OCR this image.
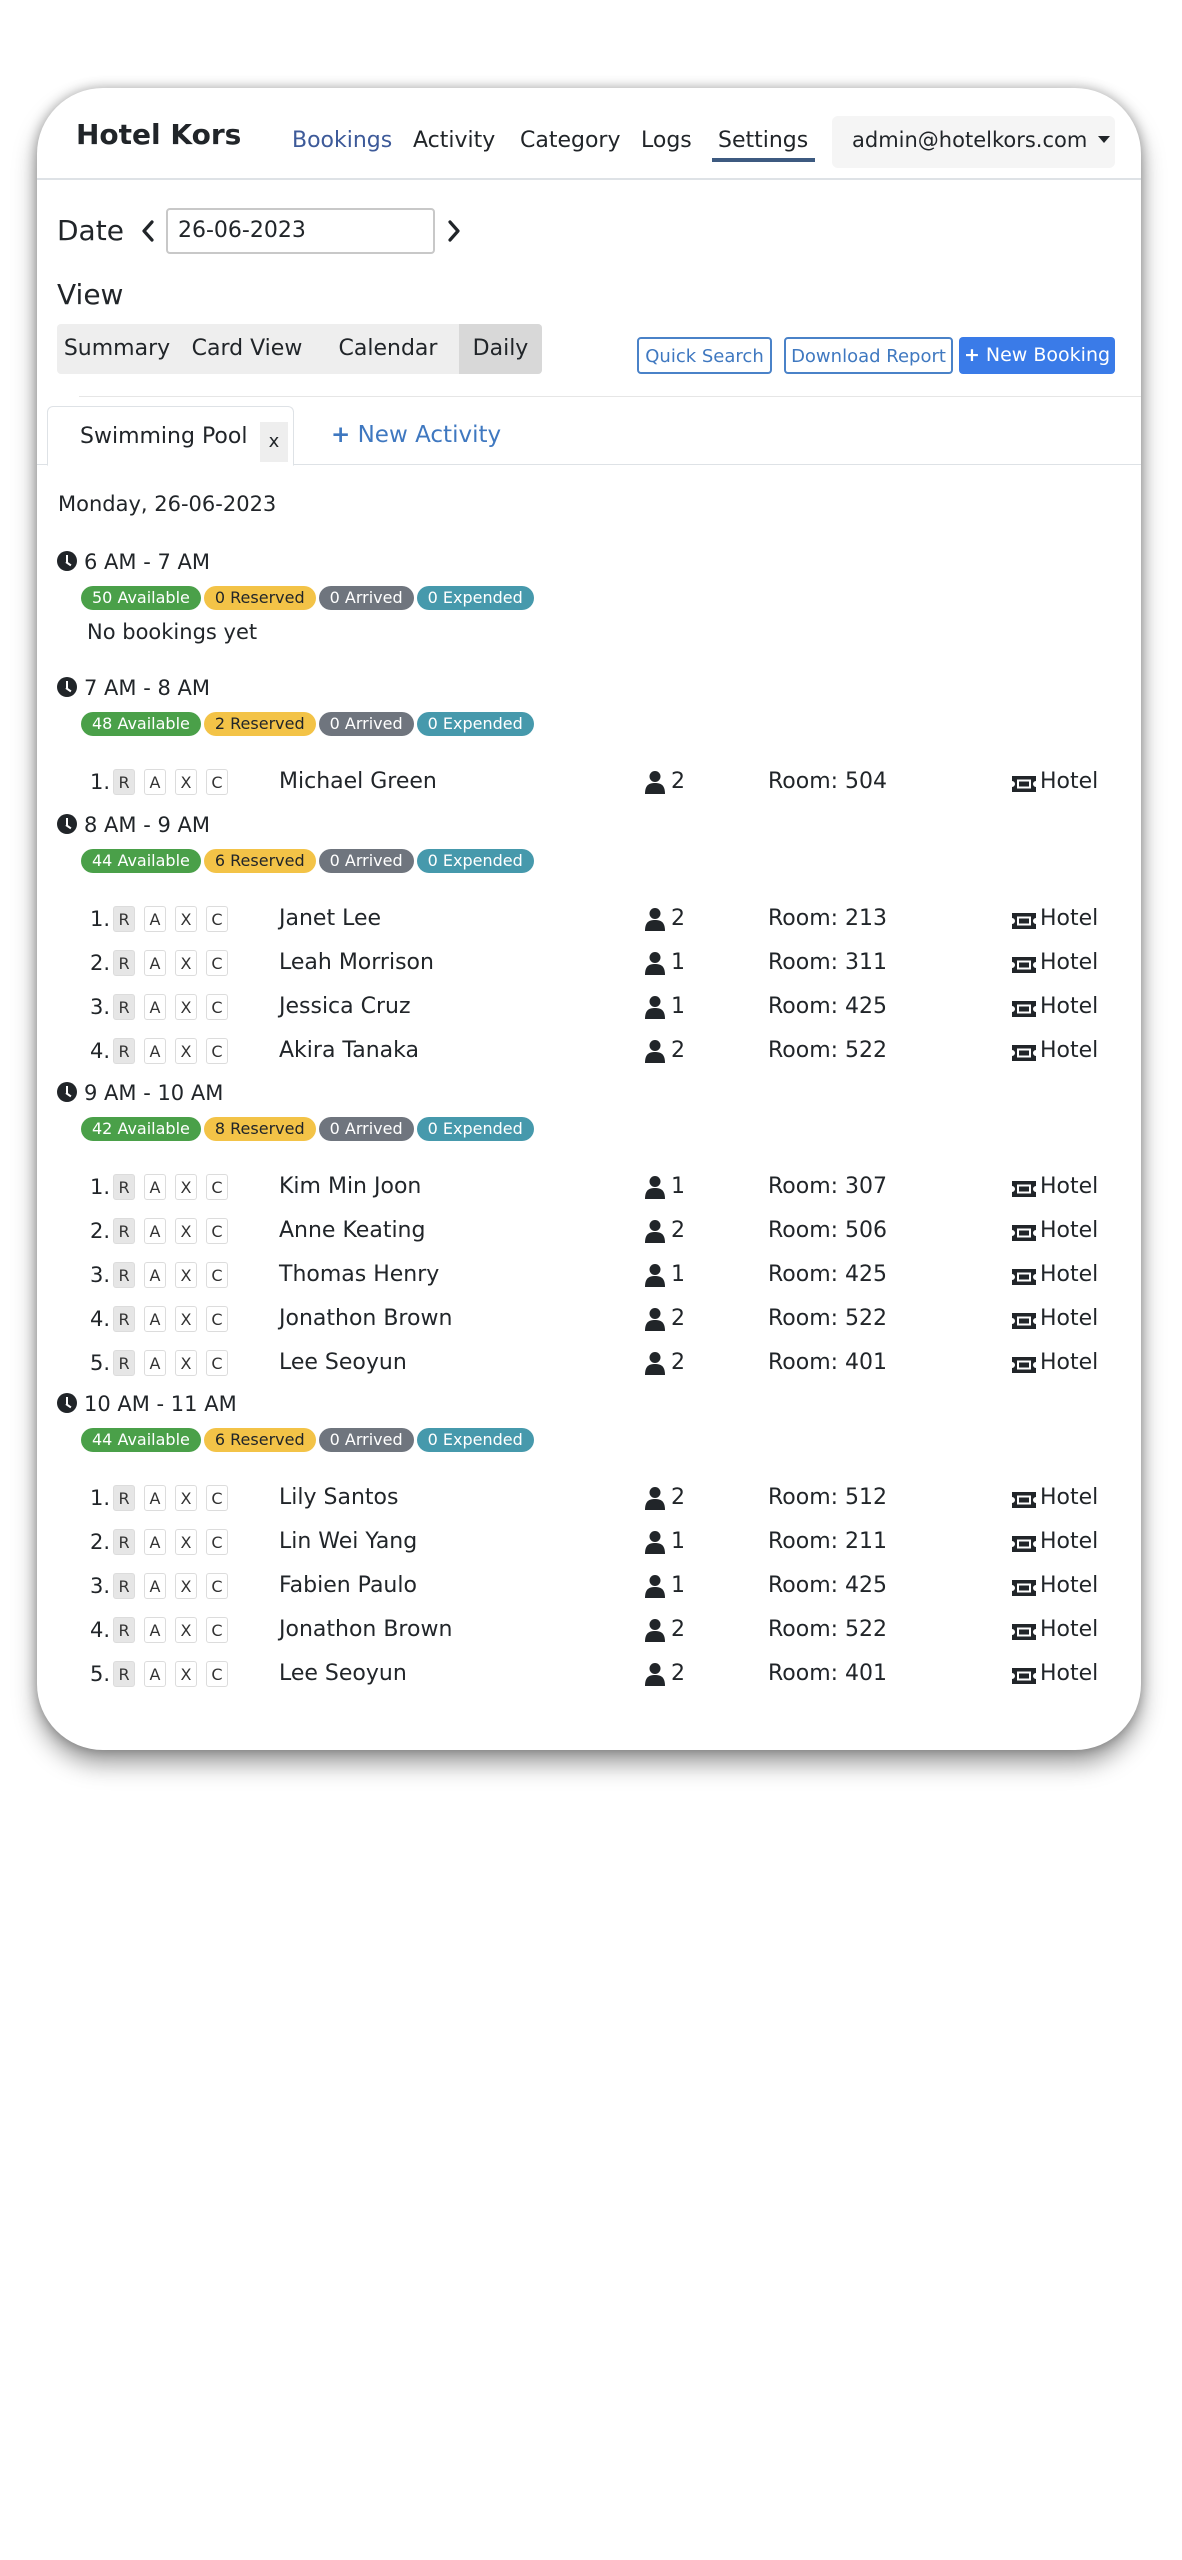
Hotel Kors Bookings Activity Category Logs Settings	admin@hotelkors.com
Date	26-06-2023
View
Summary Card View	Calendar	Daily	Quick Search	Download Report + New Booking
Swimming Pool	x	+ New Activity
Monday, 26-06-2023
6 AM - 7 AM
50 Available 0 Reserved 0 Arrived 0 Expended
No bookings yet
7 AM - 8 AM
48 Available 2 Reserved 0 Arrived 0 Expended
1. R	A	X	C	Michael Green	2	Room: 504	Hotel
8 AM - 9 AM
44 Available 6 Reserved 0 Arrived 0 Expended
1. R	A	X	C	Janet Lee	2	Room: 213	Hotel
2. R	A	X	C	Leah Morrison	1	Room: 311	Hotel
3. R	A	X	C	Jessica Cruz	1	Room: 425	Hotel
4. R	A	X	C	Akira Tanaka	2	Room: 522	Hotel
9 AM - 10 AM
42 Available 8 Reserved 0 Arrived 0 Expended
1. R	A	X	C	Kim Min Joon	1	Room: 307	Hotel
2. R	A	X	C	Anne Keating	2	Room: 506	Hotel
3. R	A	X	C	Thomas Henry	1	Room: 425	Hotel
4. R	A	X	C	Jonathon Brown	2	Room: 522	Hotel
5. R	A	X	C	Lee Seoyun	2	Room: 401	Hotel
10 AM - 11 AM
44 Available 6 Reserved 0 Arrived 0 Expended
1. R	A	X	C	Lily Santos	2	Room: 512	Hotel
2. R	A	X	C	Lin Wei Yang	1	Room: 211	Hotel
3. R	A	X	C	Fabien Paulo	1	Room: 425	Hotel
4. R	A	X	C	Jonathon Brown	2	Room: 522	Hotel
5. R	A	X	C	Lee Seoyun	2	Room: 401	Hotel
